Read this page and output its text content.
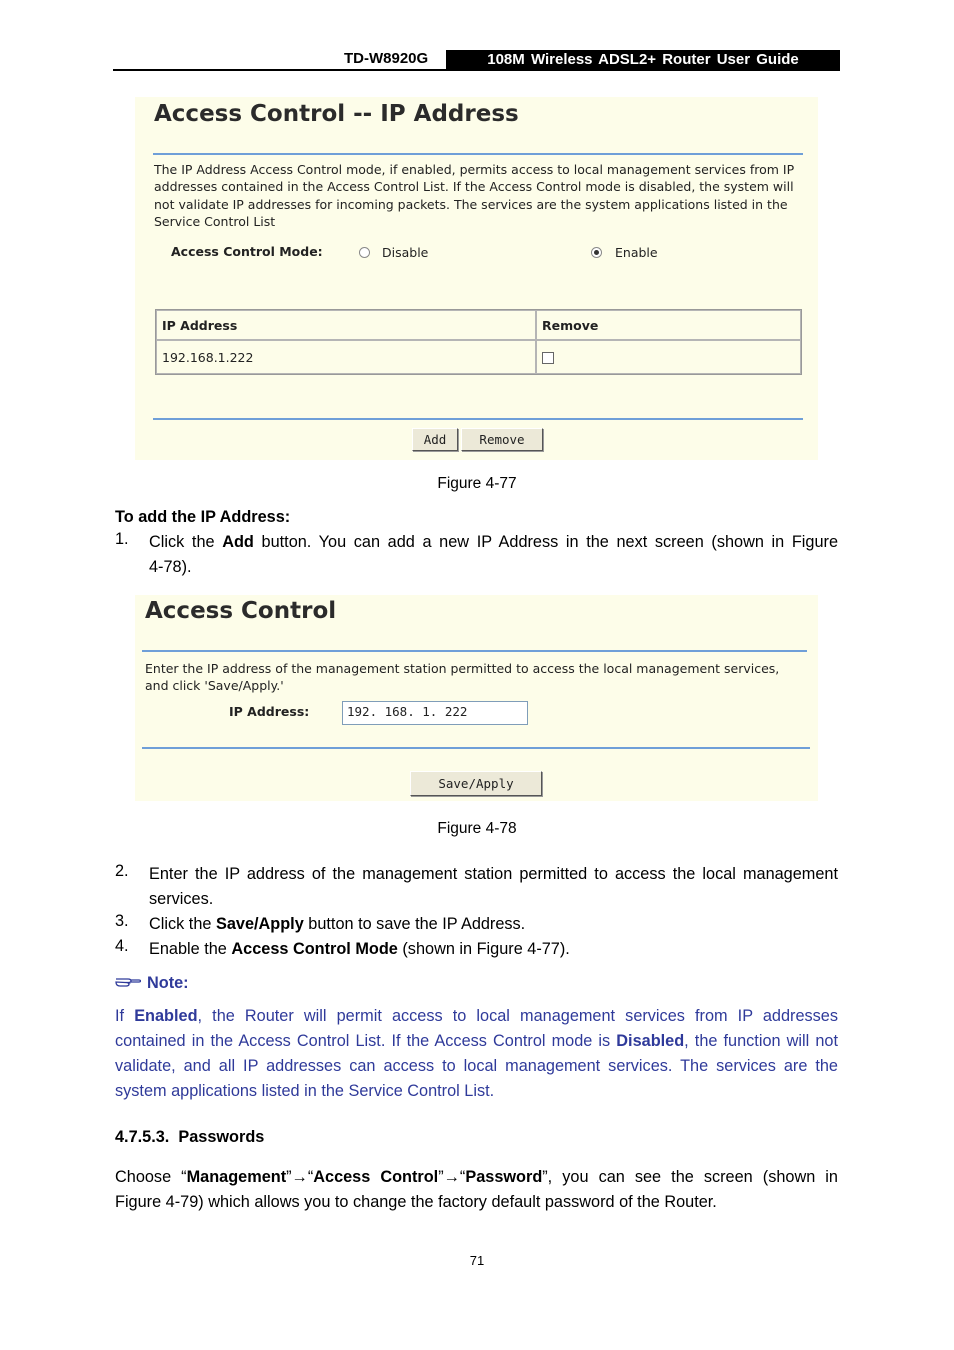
TD-W8920G	108M Wireless ADSL2+ Router User Guide
Access Control -- IP Address
The IP Address Access Control mode, if enabled, permits access to local management services from IP addresses contained in the Access Control List. If the Access Control mode is disabled, the system will not validate IP addresses for incoming packets. The services are the system applications listed in the Service Control List
Access Control Mode:	Disable	Enable
IP Address	Remove
192.168.1.222	
Add	Remove
Figure 4-77
To add the IP Address:
1. Click the Add button. You can add a new IP Address in the next screen (shown in Figure
4-78).
Access Control
Enter the IP address of the management station permitted to access the local management services, and click 'Save/Apply.'
IP Address:	192. 168. 1. 222
Save/Apply
Figure 4-78
2. Enter the IP address of the management station permitted to access the local management
services.
3. Click the Save/Apply button to save the IP Address.
4. Enable the Access Control Mode (shown in Figure 4-77).
Note:
If Enabled, the Router will permit access to local management services from IP addresses
contained in the Access Control List. If the Access Control mode is Disabled, the function will not
validate, and all IP addresses can access to local management services. The services are the
system applications listed in the Service Control List.
4.7.5.3.  Passwords
Choose “Management”→“Access Control”→“Password”, you can see the screen (shown in
Figure 4-79) which allows you to change the factory default password of the Router.
71
